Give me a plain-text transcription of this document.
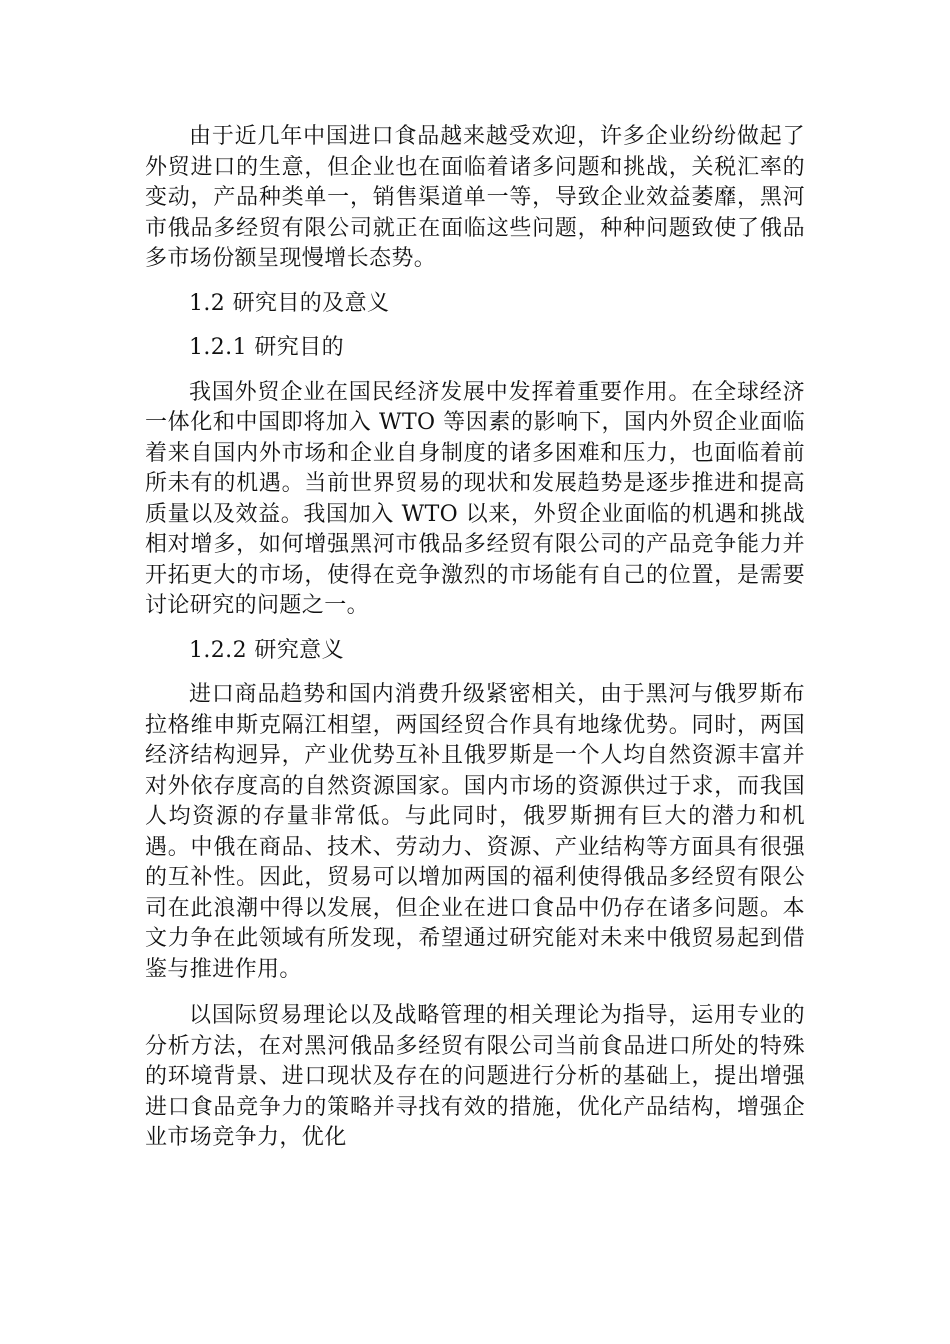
由于近几年中国进口食品越来越受欢迎，许多企业纷纷做起了外贸进口的生意，但企业也在面临着诸多问题和挑战，关税汇率的变动，产品种类单一，销售渠道单一等，导致企业效益萎靡，黑河市俄品多经贸有限公司就正在面临这些问题，种种问题致使了俄品多市场份额呈现慢增长态势。

1.2 研究目的及意义

1.2.1 研究目的

我国外贸企业在国民经济发展中发挥着重要作用。在全球经济一体化和中国即将加入 WTO 等因素的影响下，国内外贸企业面临着来自国内外市场和企业自身制度的诸多困难和压力，也面临着前所未有的机遇。当前世界贸易的现状和发展趋势是逐步推进和提高质量以及效益。我国加入 WTO 以来，外贸企业面临的机遇和挑战相对增多，如何增强黑河市俄品多经贸有限公司的产品竞争能力并开拓更大的市场，使得在竞争激烈的市场能有自己的位置，是需要讨论研究的问题之一。

1.2.2 研究意义

进口商品趋势和国内消费升级紧密相关，由于黑河与俄罗斯布拉格维申斯克隔江相望，两国经贸合作具有地缘优势。同时，两国经济结构迥异，产业优势互补且俄罗斯是一个人均自然资源丰富并对外依存度高的自然资源国家。国内市场的资源供过于求，而我国人均资源的存量非常低。与此同时，俄罗斯拥有巨大的潜力和机遇。中俄在商品、技术、劳动力、资源、产业结构等方面具有很强的互补性。因此，贸易可以增加两国的福利使得俄品多经贸有限公司在此浪潮中得以发展，但企业在进口食品中仍存在诸多问题。本文力争在此领域有所发现，希望通过研究能对未来中俄贸易起到借鉴与推进作用。

以国际贸易理论以及战略管理的相关理论为指导，运用专业的分析方法，在对黑河俄品多经贸有限公司当前食品进口所处的特殊的环境背景、进口现状及存在的问题进行分析的基础上，提出增强进口食品竞争力的策略并寻找有效的措施，优化产品结构，增强企业市场竞争力，优化
